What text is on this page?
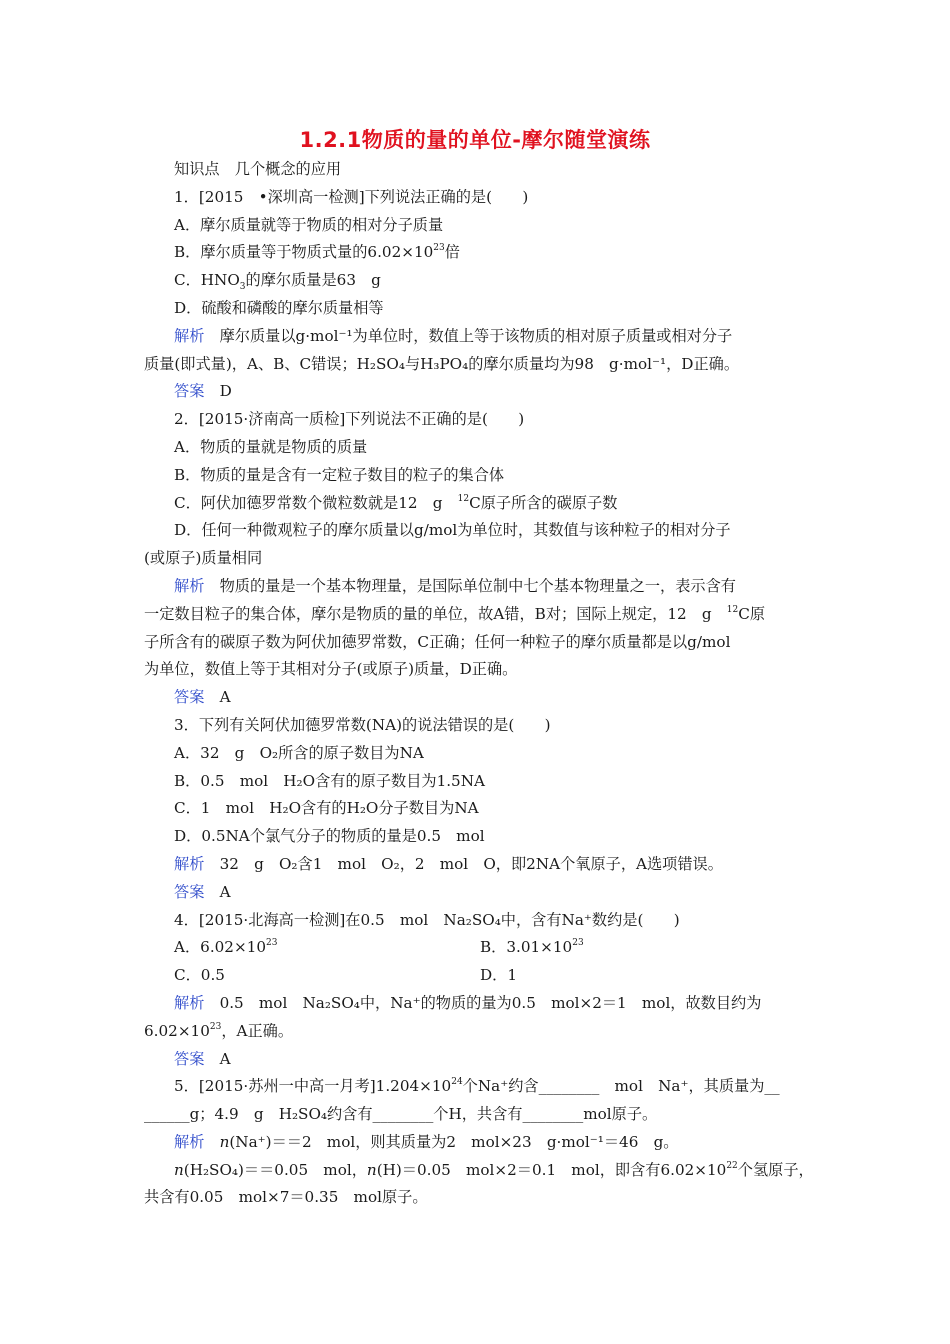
1.2.1物质的量的单位-摩尔随堂演练

知识点　几个概念的应用

1．[2015　•深圳高一检测]下列说法正确的是(　　)

A．摩尔质量就等于物质的相对分子质量

B．摩尔质量等于物质式量的$6.02\times 10^{23}$倍

C．$HNO_3$的摩尔质量是63　g

D．硫酸和磷酸的摩尔质量相等

解析　 摩尔质量以g·mol⁻¹为单位时，数值上等于该物质的相对原子质量或相对分子

质量(即式量)，A、B、C错误；H₂SO₄与H₃PO₄的摩尔质量均为98　g·mol⁻¹，D正确。

答案　 D

2．[2015·济南高一质检]下列说法不正确的是(　　)

A．物质的量就是物质的质量

B．物质的量是含有一定粒子数目的粒子的集合体

C．阿伏加德罗常数个微粒数就是12　g　$^{12}$C原子所含的碳原子数

D．任何一种微观粒子的摩尔质量以g/mol为单位时，其数值与该种粒子的相对分子

(或原子)质量相同

解析　 物质的量是一个基本物理量，是国际单位制中七个基本物理量之一，表示含有

一定数目粒子的集合体，摩尔是物质的量的单位，故A错，B对；国际上规定，12　g　$^{12}$C原

子所含有的碳原子数为阿伏加德罗常数，C正确；任何一种粒子的摩尔质量都是以g/mol

为单位，数值上等于其相对分子(或原子)质量，D正确。

答案　 A

3．下列有关阿伏加德罗常数(NA)的说法错误的是(　　)

A．32　g　O₂所含的原子数目为NA

B．0.5　mol　H₂O含有的原子数目为1.5NA

C．1　mol　H₂O含有的H₂O分子数目为NA

D．0.5NA个氯气分子的物质的量是0.5　mol

解析　 32　g　O₂含1　mol　O₂，2　mol　O，即2NA个氧原子，A选项错误。

答案　 A

4．[2015·北海高一检测]在0.5　mol　Na₂SO₄中，含有Na⁺数约是(　　)

A．$6.02\times 10^{23}$	B．$3.01\times 10^{23}$
C．0.5	D．1

解析　 0.5　mol　Na₂SO₄中，Na⁺的物质的量为0.5　mol×2＝1　mol，故数目约为

$6.02\times 10^{23}$，A正确。

答案　 A

5．[2015·苏州一中高一月考]$1.204\times 10^{24}$个Na⁺约含________　mol　Na⁺，其质量为__

______g；4.9　g　H₂SO₄约含有________个H，共含有________mol原子。

解析　 n(Na⁺)＝＝2　mol，则其质量为2　mol×23　g·mol⁻¹＝46　g。

n(H₂SO₄)＝＝0.05　mol，n(H)＝0.05　mol×2＝0.1　mol，即含有$6.02\times 10^{22}$个氢原子，

共含有0.05　mol×7＝0.35　mol原子。
